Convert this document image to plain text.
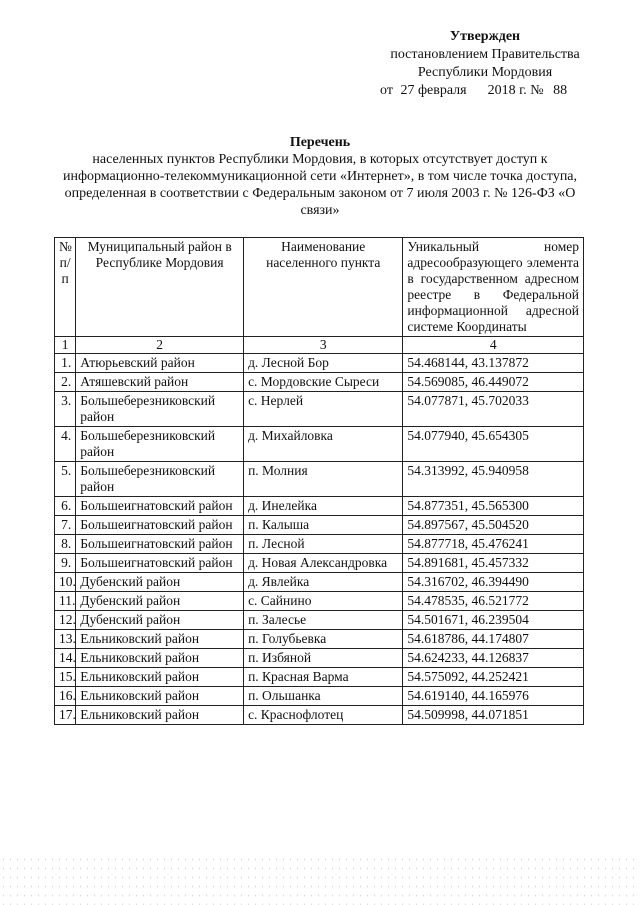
Утвержден
постановлением Правительства
Республики Мордовия
от 27 февраля 2018 г. № 88
Перечень
населенных пунктов Республики Мордовия, в которых отсутствует доступ к информационно-телекоммуникационной сети «Интернет», в том числе точка доступа, определенная в соответствии с Федеральным законом от 7 июля 2003 г. № 126-ФЗ «О связи»
№ п/п	Муниципальный район в Республике Мордовия	Наименование населенного пункта	Уникальный номер адресообразующего элемента в государственном адресном реестре в Федеральной информационной адресной системе Координаты
1	2	3	4
1.	Атюрьевский район	д. Лесной Бор	54.468144, 43.137872
2.	Атяшевский район	с. Мордовские Сыреси	54.569085, 46.449072
3.	Большеберезниковский район	с. Нерлей	54.077871, 45.702033
4.	Большеберезниковский район	д. Михайловка	54.077940, 45.654305
5.	Большеберезниковский район	п. Молния	54.313992, 45.940958
6.	Большеигнатовский район	д. Инелейка	54.877351, 45.565300
7.	Большеигнатовский район	п. Калыша	54.897567, 45.504520
8.	Большеигнатовский район	п. Лесной	54.877718, 45.476241
9.	Большеигнатовский район	д. Новая Александровка	54.891681, 45.457332
10.	Дубенский район	д. Явлейка	54.316702, 46.394490
11.	Дубенский район	с. Сайнино	54.478535, 46.521772
12.	Дубенский район	п. Залесье	54.501671, 46.239504
13.	Ельниковский район	п. Голубьевка	54.618786, 44.174807
14.	Ельниковский район	п. Избяной	54.624233, 44.126837
15.	Ельниковский район	п. Красная Варма	54.575092, 44.252421
16.	Ельниковский район	п. Ольшанка	54.619140, 44.165976
17.	Ельниковский район	с. Краснофлотец	54.509998, 44.071851
